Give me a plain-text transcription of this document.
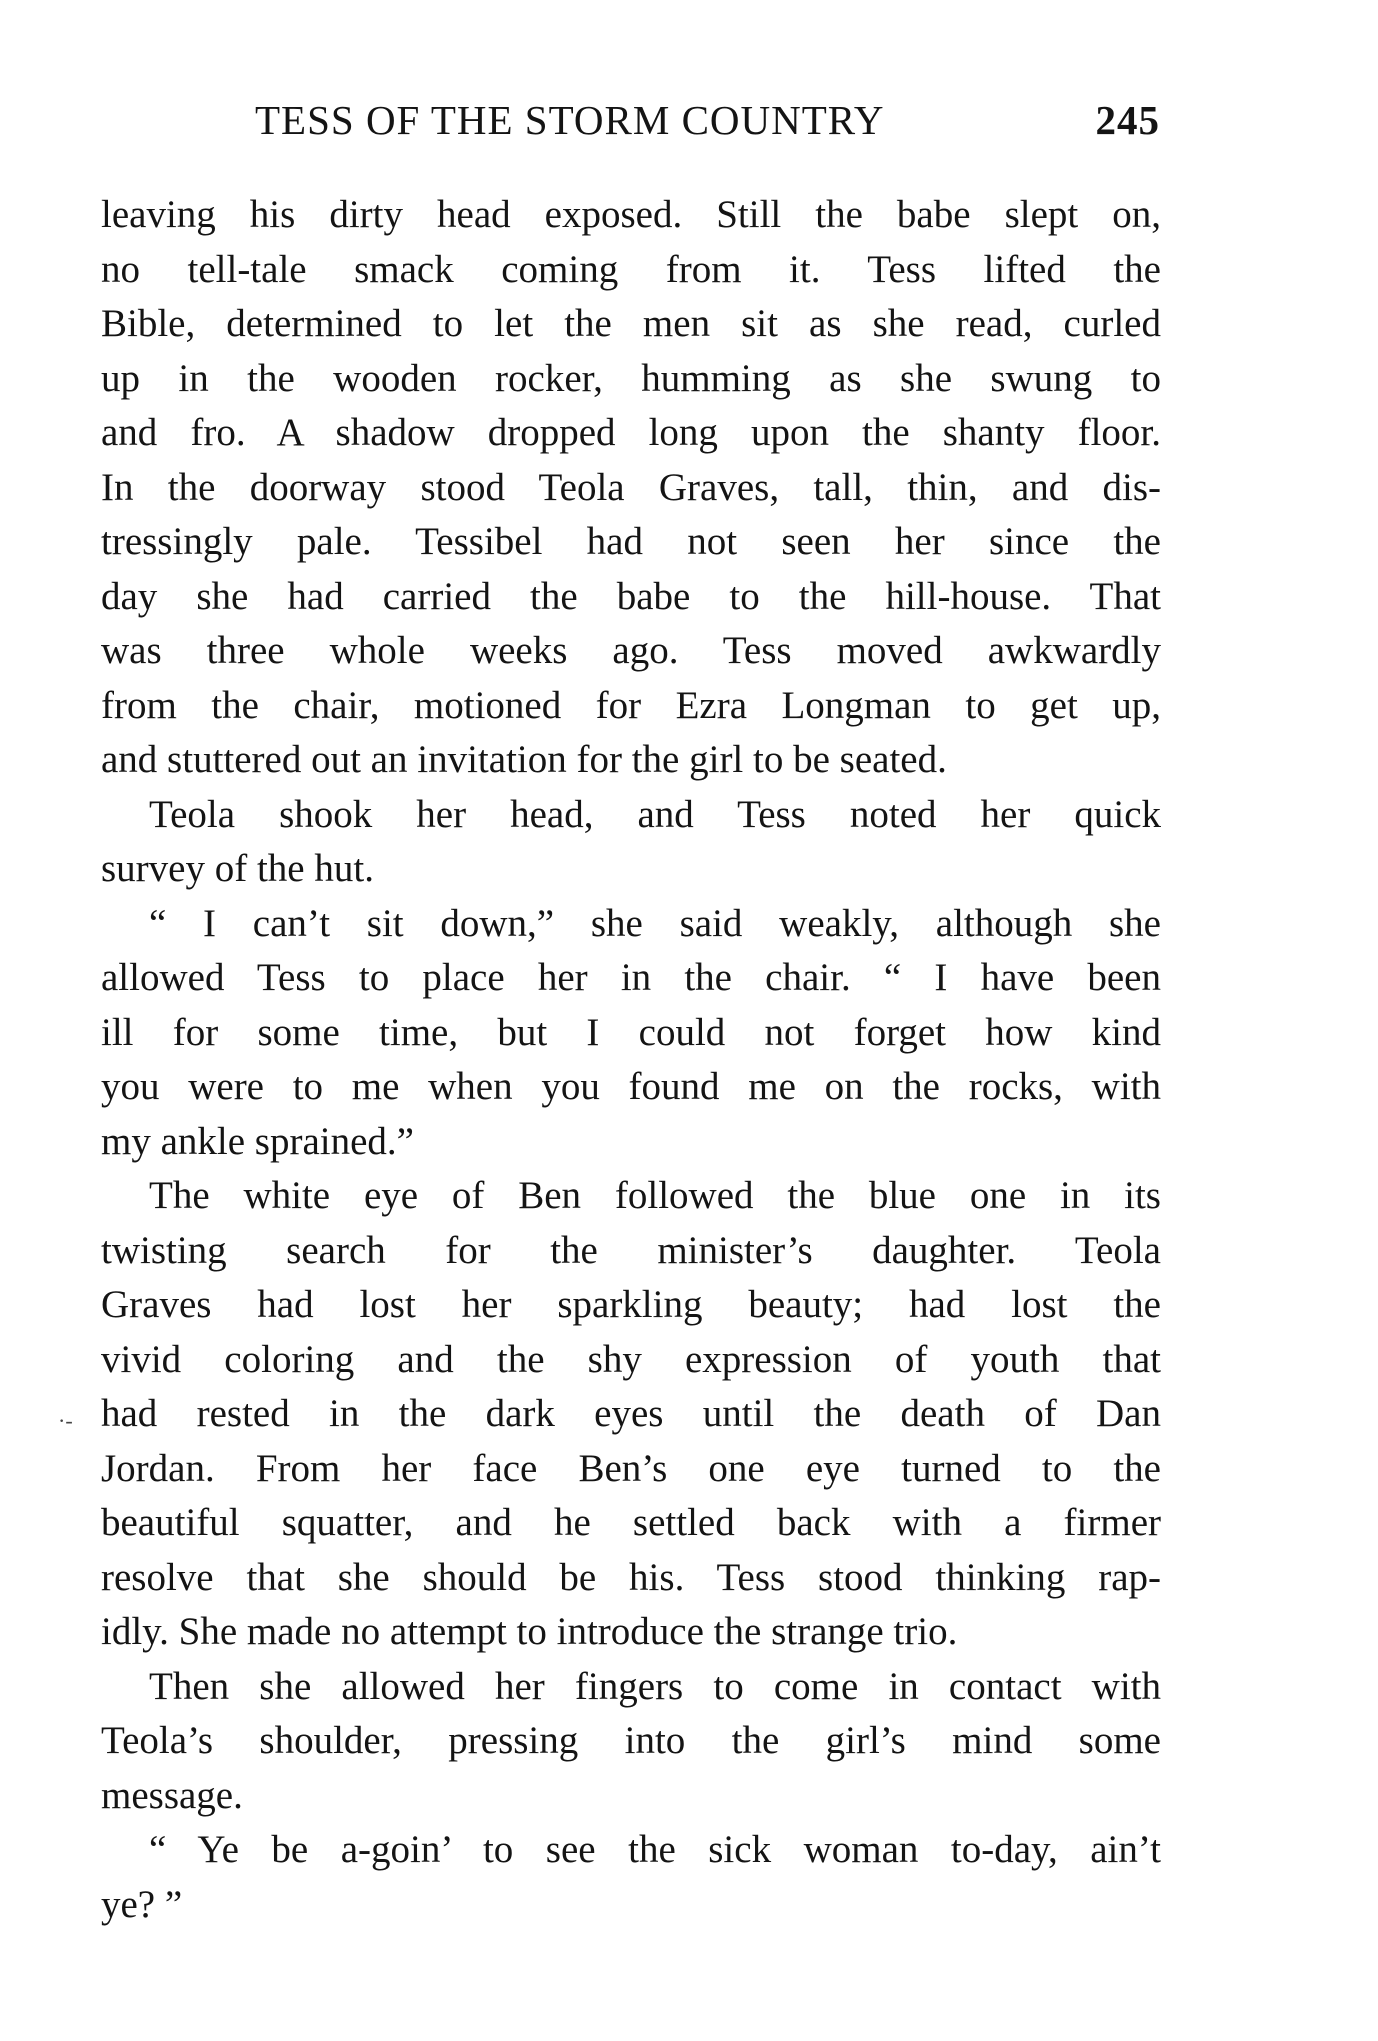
TESS OF THE STORM COUNTRY	245
leaving his dirty head exposed. Still the babe slept on,
no tell-tale smack coming from it. Tess lifted the
Bible, determined to let the men sit as she read, curled
up in the wooden rocker, humming as she swung to
and fro. A shadow dropped long upon the shanty floor.
In the doorway stood Teola Graves, tall, thin, and dis-
tressingly pale. Tessibel had not seen her since the
day she had carried the babe to the hill-house. That
was three whole weeks ago. Tess moved awkwardly
from the chair, motioned for Ezra Longman to get up,
and stuttered out an invitation for the girl to be seated.
Teola shook her head, and Tess noted her quick
survey of the hut.
“ I can’t sit down,” she said weakly, although she
allowed Tess to place her in the chair. “ I have been
ill for some time, but I could not forget how kind
you were to me when you found me on the rocks, with
my ankle sprained.”
The white eye of Ben followed the blue one in its
twisting search for the minister’s daughter. Teola
Graves had lost her sparkling beauty; had lost the
vivid coloring and the shy expression of youth that
had rested in the dark eyes until the death of Dan
Jordan. From her face Ben’s one eye turned to the
beautiful squatter, and he settled back with a firmer
resolve that she should be his. Tess stood thinking rap-
idly. She made no attempt to introduce the strange trio.
Then she allowed her fingers to come in contact with
Teola’s shoulder, pressing into the girl’s mind some
message.
“ Ye be a-goin’ to see the sick woman to-day, ain’t
ye? ”
·-
